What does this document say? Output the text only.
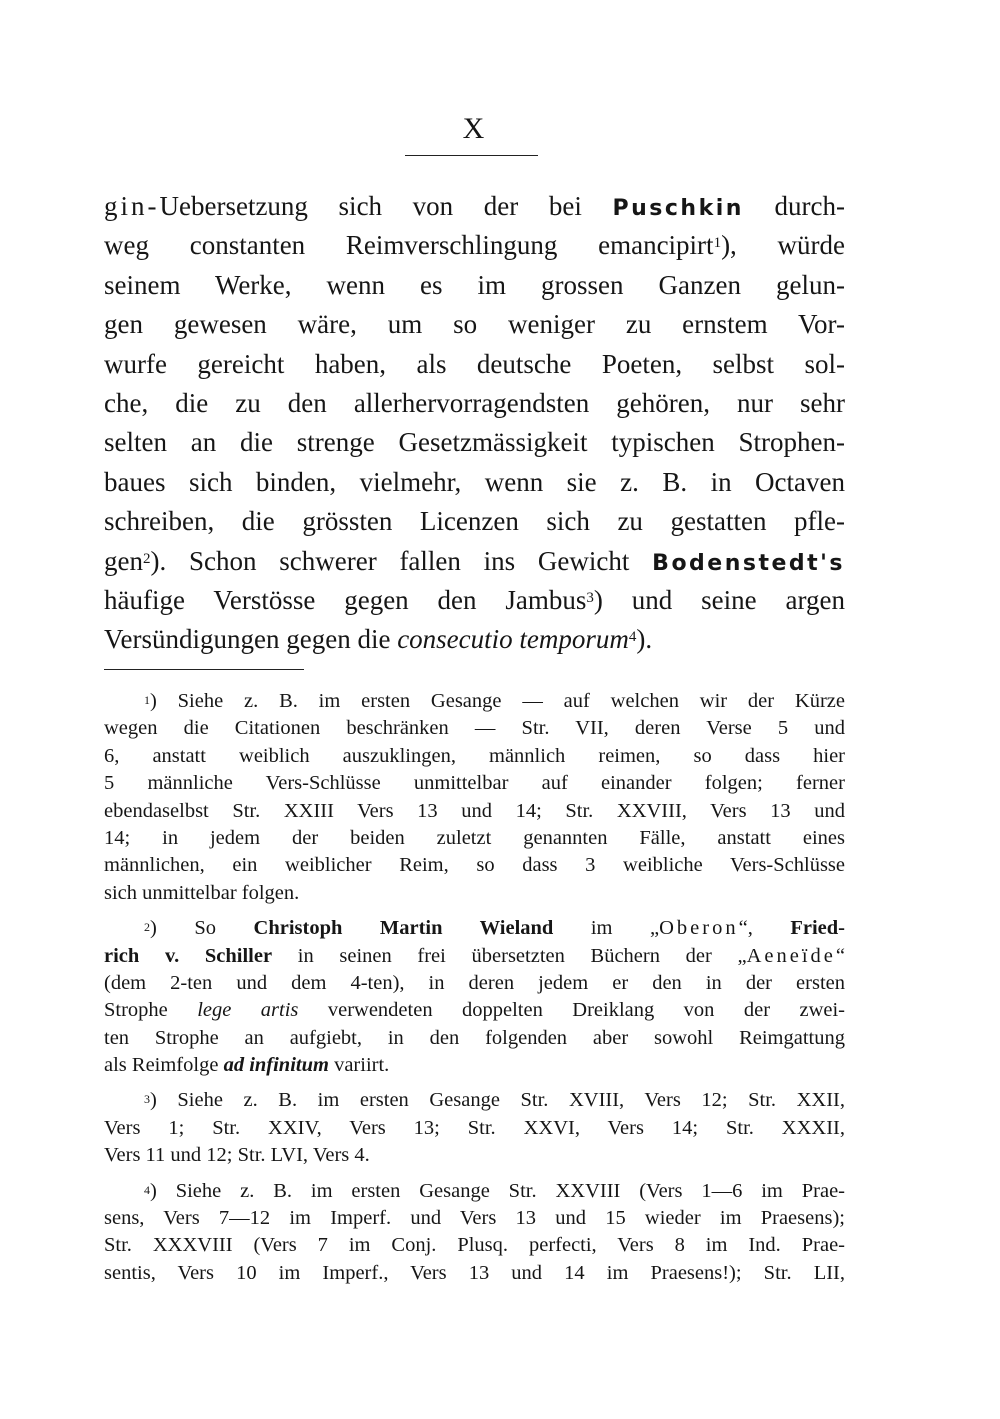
X
gin-Uebersetzung sich von der bei Puschkin durch-
weg constanten Reimverschlingung emancipirt$^1$), würde
seinem Werke, wenn es im grossen Ganzen gelun-
gen gewesen wäre, um so weniger zu ernstem Vor-
wurfe gereicht haben, als deutsche Poeten, selbst sol-
che, die zu den allerhervorragendsten gehören, nur sehr
selten an die strenge Gesetzmässigkeit typischen Strophen-
baues sich binden, vielmehr, wenn sie z. B. in Octaven
schreiben, die grössten Licenzen sich zu gestatten pfle-
gen$^2$). Schon schwerer fallen ins Gewicht Bodenstedt's
häufige Verstösse gegen den Jambus$^3$) und seine argen
Versündigungen gegen die consecutio temporum$^4$).
$^1$) Siehe z. B. im ersten Gesange — auf welchen wir der Kürze
wegen die Citationen beschränken — Str. VII, deren Verse 5 und
6, anstatt weiblich auszuklingen, männlich reimen, so dass hier
5 männliche Vers-Schlüsse unmittelbar auf einander folgen; ferner
ebendaselbst Str. XXIII Vers 13 und 14; Str. XXVIII, Vers 13 und
14; in jedem der beiden zuletzt genannten Fälle, anstatt eines
männlichen, ein weiblicher Reim, so dass 3 weibliche Vers-Schlüsse
sich unmittelbar folgen.
$^2$) So Christoph Martin Wieland im „Oberon“, Fried-
rich v. Schiller in seinen frei übersetzten Büchern der „Aeneïde“
(dem 2-ten und dem 4-ten), in deren jedem er den in der ersten
Strophe lege artis verwendeten doppelten Dreiklang von der zwei-
ten Strophe an aufgiebt, in den folgenden aber sowohl Reimgattung
als Reimfolge ad infinitum variirt.
$^3$) Siehe z. B. im ersten Gesange Str. XVIII, Vers 12; Str. XXII,
Vers 1; Str. XXIV, Vers 13; Str. XXVI, Vers 14; Str. XXXII,
Vers 11 und 12; Str. LVI, Vers 4.
$^4$) Siehe z. B. im ersten Gesange Str. XXVIII (Vers 1—6 im Prae-
sens, Vers 7—12 im Imperf. und Vers 13 und 15 wieder im Praesens);
Str. XXXVIII (Vers 7 im Conj. Plusq. perfecti, Vers 8 im Ind. Prae-
sentis, Vers 10 im Imperf., Vers 13 und 14 im Praesens!); Str. LII,
